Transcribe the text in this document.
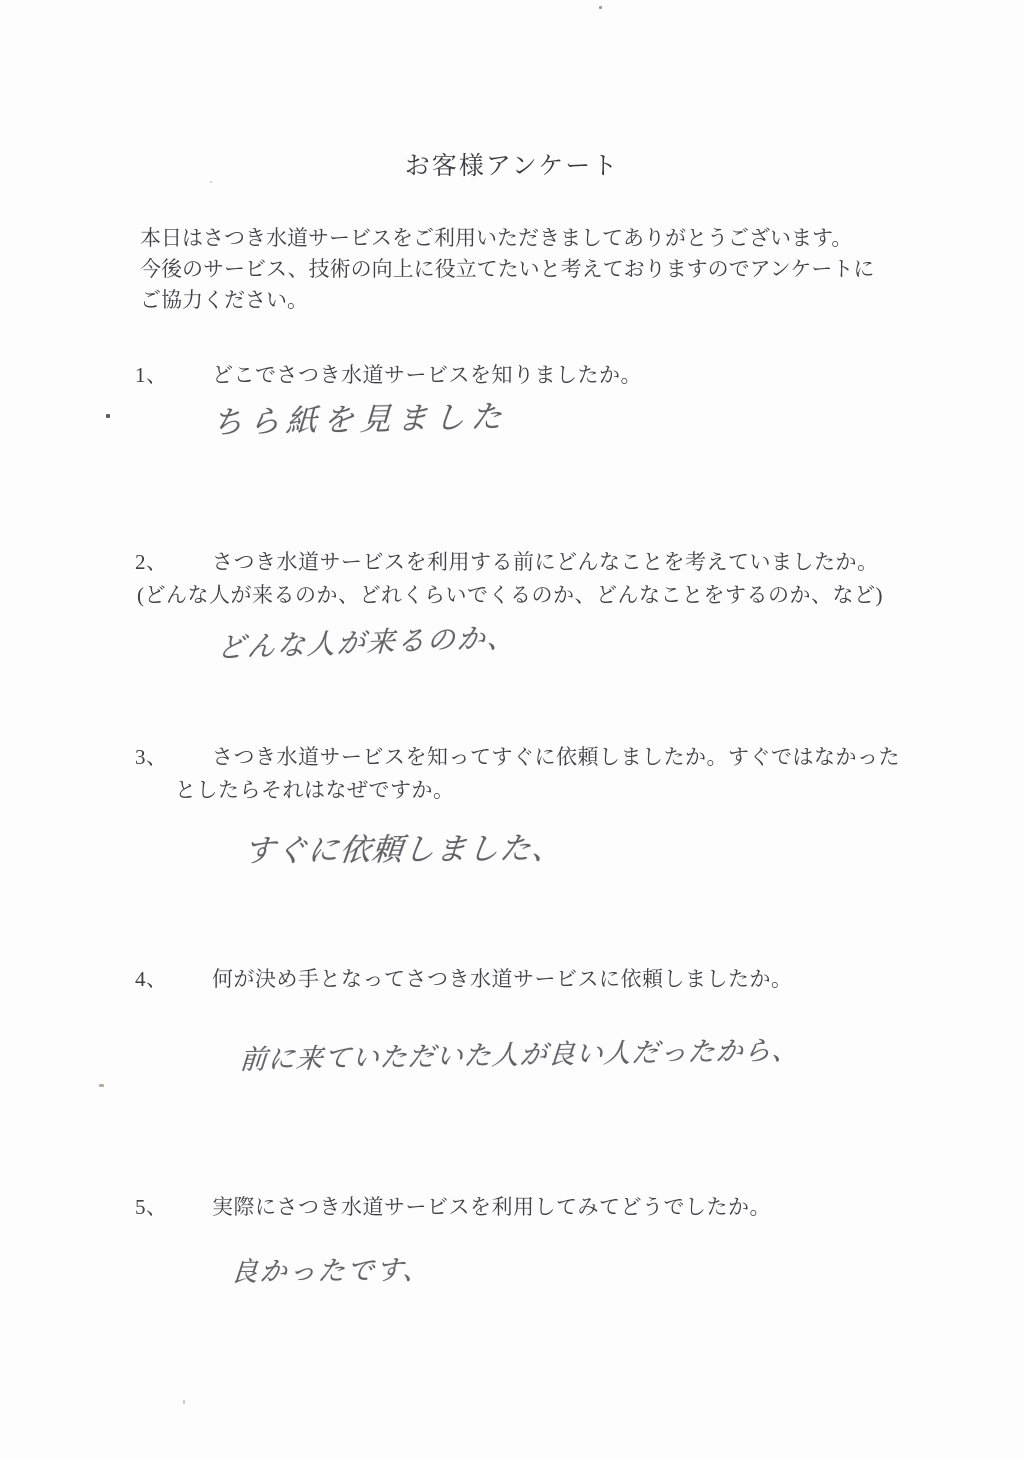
お客様アンケート
本日はさつき水道サービスをご利用いただきましてありがとうございます。
今後のサービス、技術の向上に役立てたいと考えておりますのでアンケートに
ご協力ください。
1、 どこでさつき水道サービスを知りましたか。
ちら紙を見ました
2、 さつき水道サービスを利用する前にどんなことを考えていましたか。
(どんな人が来るのか、どれくらいでくるのか、どんなことをするのか、など)
どんな人が来るのか、
3、 さつき水道サービスを知ってすぐに依頼しましたか。すぐではなかった
としたらそれはなぜですか。
すぐに依頼しました、
4、 何が決め手となってさつき水道サービスに依頼しましたか。
前に来ていただいた人が良い人だったから、
5、 実際にさつき水道サービスを利用してみてどうでしたか。
良かったです、
